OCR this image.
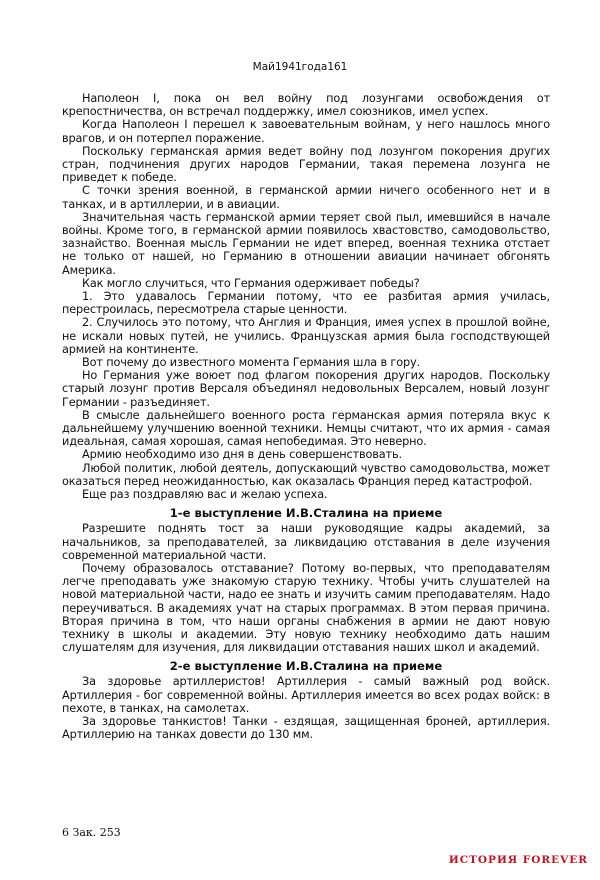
Май1941года161

Наполеон I, пока он вел войну под лозунгами освобождения от крепостничества, он встречал поддержку, имел союзников, имел успех.

Когда Наполеон I перешел к завоевательным войнам, у него нашлось много врагов, и он потерпел поражение.

Поскольку германская армия ведет войну под лозунгом покорения других стран, подчинения других народов Германии, такая перемена лозунга не приведет к победе.

С точки зрения военной, в германской армии ничего особенного нет и в танках, и в артиллерии, и в авиации.

Значительная часть германской армии теряет свой пыл, имевшийся в начале войны. Кроме того, в германской армии появилось хвастовство, самодовольство, зазнайство. Военная мысль Германии не идет вперед, военная техника отстает не только от нашей, но Германию в отношении авиации начинает обгонять Америка.

Как могло случиться, что Германия одерживает победы?

1. Это удавалось Германии потому, что ее разбитая армия училась, перестроилась, пересмотрела старые ценности.

2. Случилось это потому, что Англия и Франция, имея успех в прошлой войне, не искали новых путей, не учились. Французская армия была господствующей армией на континенте.

Вот почему до известного момента Германия шла в гору.

Но Германия уже воюет под флагом покорения других народов. Поскольку старый лозунг против Версаля объединял недовольных Версалем, новый лозунг Германии - разъединяет.

В смысле дальнейшего военного роста германская армия потеряла вкус к дальнейшему улучшению военной техники. Немцы считают, что их армия - самая идеальная, самая хорошая, самая непобедимая. Это неверно.

Армию необходимо изо дня в день совершенствовать.

Любой политик, любой деятель, допускающий чувство самодовольства, может оказаться перед неожиданностью, как оказалась Франция перед катастрофой.

Еще раз поздравляю вас и желаю успеха.

1-е выступление И.В.Сталина на приеме

Разрешите поднять тост за наши руководящие кадры академий, за начальников, за преподавателей, за ликвидацию отставания в деле изучения современной материальной части.

Почему образовалось отставание? Потому во-первых, что преподавателям легче преподавать уже знакомую старую технику. Чтобы учить слушателей на новой материальной части, надо ее знать и изучить самим преподавателям. Надо переучиваться. В академиях учат на старых программах. В этом первая причина. Вторая причина в том, что наши органы снабжения в армии не дают новую технику в школы и академии. Эту новую технику необходимо дать нашим слушателям для изучения, для ликвидации отставания наших школ и академий.

2-е выступление И.В.Сталина на приеме

За здоровье артиллеристов! Артиллерия - самый важный род войск. Артиллерия - бог современной войны. Артиллерия имеется во всех родах войск: в пехоте, в танках, на самолетах.

За здоровье танкистов! Танки - ездящая, защищенная броней, артиллерия. Артиллерию на танках довести до 130 мм.

6 Зак. 253
ИСТОРИЯ FOREVER
